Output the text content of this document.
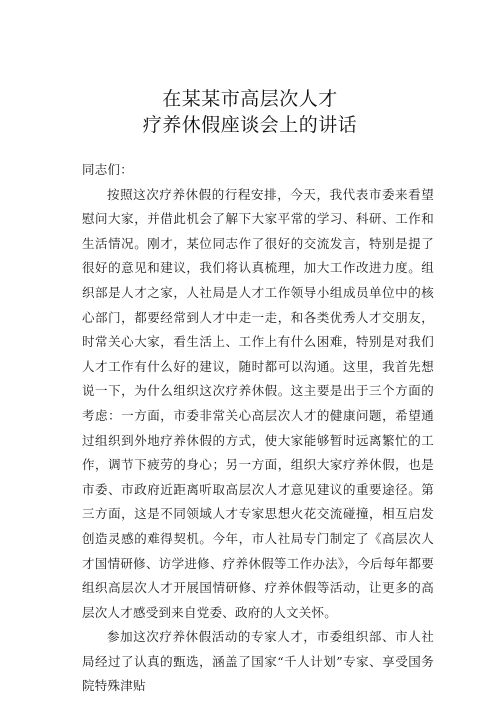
在某某市高层次人才
疗养休假座谈会上的讲话

同志们：

按照这次疗养休假的行程安排，今天，我代表市委来看望慰问大家，并借此机会了解下大家平常的学习、科研、工作和生活情况。刚才，某位同志作了很好的交流发言，特别是提了很好的意见和建议，我们将认真梳理，加大工作改进力度。组织部是人才之家，人社局是人才工作领导小组成员单位中的核心部门，都要经常到人才中走一走，和各类优秀人才交朋友，时常关心大家，看生活上、工作上有什么困难，特别是对我们人才工作有什么好的建议，随时都可以沟通。这里，我首先想说一下，为什么组织这次疗养休假。这主要是出于三个方面的考虑：一方面，市委非常关心高层次人才的健康问题，希望通过组织到外地疗养休假的方式，使大家能够暂时远离繁忙的工作，调节下疲劳的身心；另一方面，组织大家疗养休假，也是市委、市政府近距离听取高层次人才意见建议的重要途径。第三方面，这是不同领域人才专家思想火花交流碰撞，相互启发创造灵感的难得契机。今年，市人社局专门制定了《高层次人才国情研修、访学进修、疗养休假等工作办法》，今后每年都要组织高层次人才开展国情研修、疗养休假等活动，让更多的高层次人才感受到来自党委、政府的人文关怀。

参加这次疗养休假活动的专家人才，市委组织部、市人社局经过了认真的甄选，涵盖了国家“千人计划”专家、享受国务院特殊津贴
